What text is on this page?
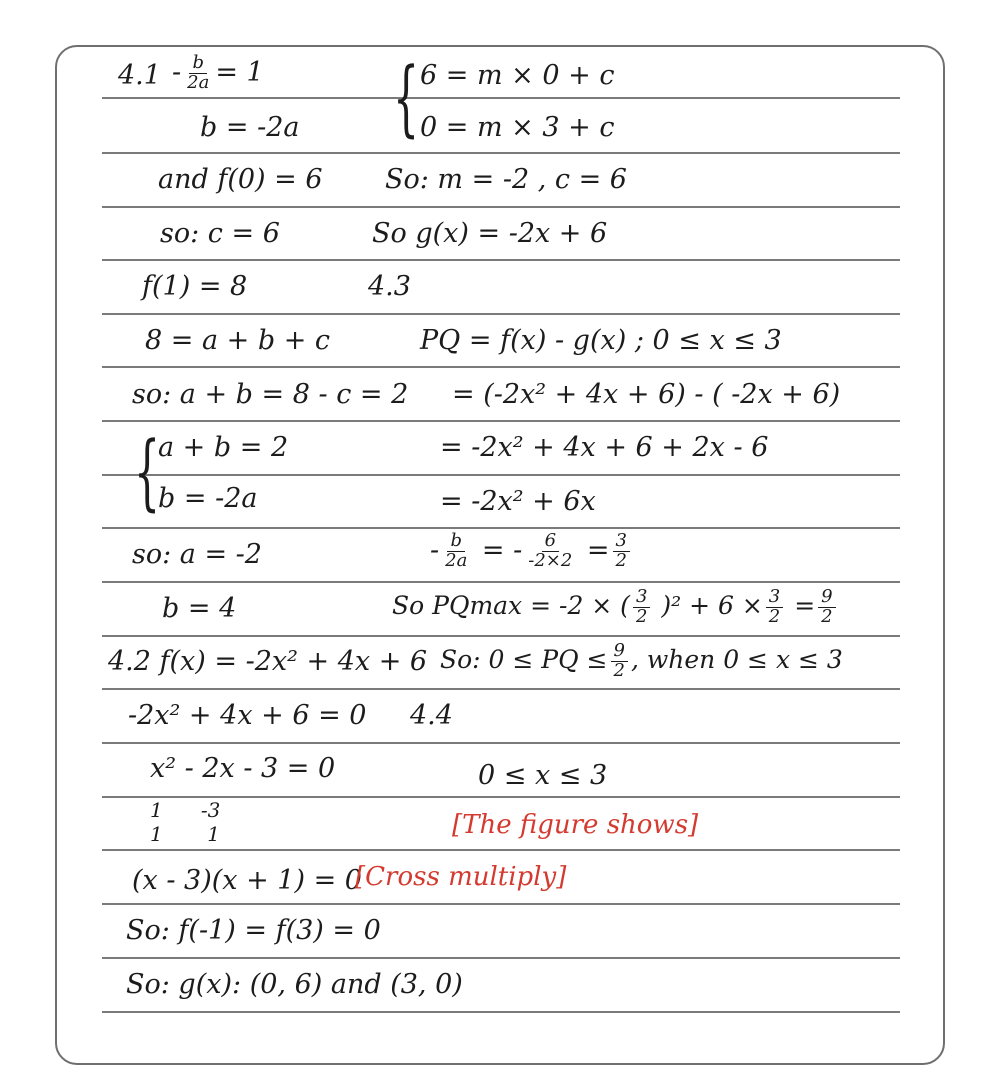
{
{
$4.1 - \frac{b}{2a} = 1$
b = -2a
and f(0) = 6
so: c = 6
f(1) = 8
8 = a + b + c
so: a + b = 8 - c = 2
a + b = 2
b = -2a
so: a = -2
b = 4
4.2 f(x) = -2x² + 4x + 6
-2x² + 4x + 6 = 0
x² - 2x - 3 = 0
1      -3
1       1
(x - 3)(x + 1) = 0
[Cross multiply]
So: f(-1) = f(3) = 0
So: g(x): (0, 6) and (3, 0)
6 = m × 0 + c
0 = m × 3 + c
So: m = -2 , c = 6
So g(x) = -2x + 6
4.3
PQ = f(x) - g(x) ; 0 ≤ x ≤ 3
= (-2x² + 4x + 6) - ( -2x + 6)
= -2x² + 4x + 6 + 2x - 6
= -2x² + 6x
- $\frac{b}{2a}$ = - $\frac{6}{-2\times 2} = \frac{3}{2}$
So PQmax = -2 × ( $\frac{3}{2} )^2 + 6 \times \frac{3}{2} = \frac{9}{2}$
So: 0 ≤ PQ ≤ $\frac{9}{2}$ , when 0 ≤ x ≤ 3
4.4
0 ≤ x ≤ 3
[The figure shows]
